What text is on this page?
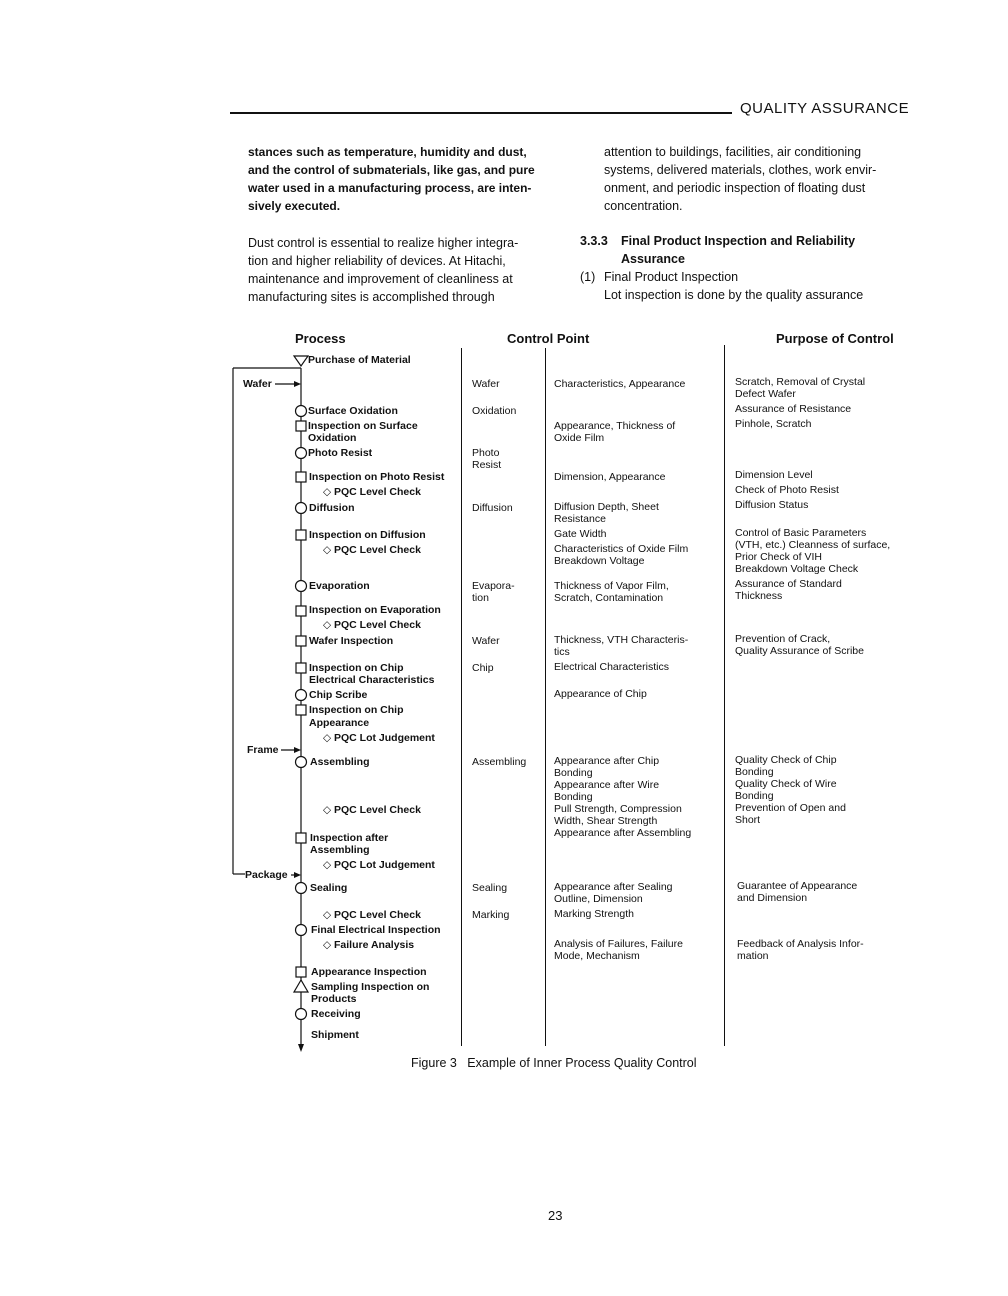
QUALITY ASSURANCE
stances such as temperature, humidity and dust,
and the control of submaterials, like gas, and pure
water used in a manufacturing process, are inten-
sively executed.
Dust control is essential to realize higher integra-
tion and higher reliability of devices. At Hitachi,
maintenance and improvement of cleanliness at
manufacturing sites is accomplished through
attention to buildings, facilities, air conditioning
systems, delivered materials, clothes, work envir-
onment, and periodic inspection of floating dust
concentration.
3.3.3 Final Product Inspection and Reliability
Assurance
(1) Final Product Inspection
Lot inspection is done by the quality assurance
Process	Control Point	Purpose of Control
Wafer
Frame
Package
Purchase of Material
Surface Oxidation
Inspection on Surface
Oxidation
Photo Resist
Inspection on Photo Resist
◇ PQC Level Check
Diffusion
Inspection on Diffusion
◇ PQC Level Check
Evaporation
Inspection on Evaporation
◇ PQC Level Check
Wafer Inspection
Inspection on Chip
Electrical Characteristics
Chip Scribe
Inspection on Chip
Appearance
◇ PQC Lot Judgement
Assembling
◇ PQC Level Check
Inspection after
Assembling
◇ PQC Lot Judgement
Sealing
◇ PQC Level Check
Final Electrical Inspection
◇ Failure Analysis
Appearance Inspection
Sampling Inspection on
Products
Receiving
Shipment
Wafer
Oxidation
Photo
Resist
Diffusion
Evapora-
tion
Wafer
Chip
Assembling
Sealing
Marking
Characteristics, Appearance
Appearance, Thickness of
Oxide Film
Dimension, Appearance
Diffusion Depth, Sheet
Resistance
Gate Width
Characteristics of Oxide Film
Breakdown Voltage
Thickness of Vapor Film,
Scratch, Contamination
Thickness, VTH Characteris-
tics
Electrical Characteristics
Appearance of Chip
Appearance after Chip
Bonding
Appearance after Wire
Bonding
Pull Strength, Compression
Width, Shear Strength
Appearance after Assembling
Appearance after Sealing
Outline, Dimension
Marking Strength
Analysis of Failures, Failure
Mode, Mechanism
Scratch, Removal of Crystal
Defect Wafer
Assurance of Resistance
Pinhole, Scratch
Dimension Level
Check of Photo Resist
Diffusion Status
Control of Basic Parameters
(VTH, etc.) Cleanness of surface,
Prior Check of VIH
Breakdown Voltage Check
Assurance of Standard
Thickness
Prevention of Crack,
Quality Assurance of Scribe
Quality Check of Chip
Bonding
Quality Check of Wire
Bonding
Prevention of Open and
Short
Guarantee of Appearance
and Dimension
Feedback of Analysis Infor-
mation
Figure 3   Example of Inner Process Quality Control
23
